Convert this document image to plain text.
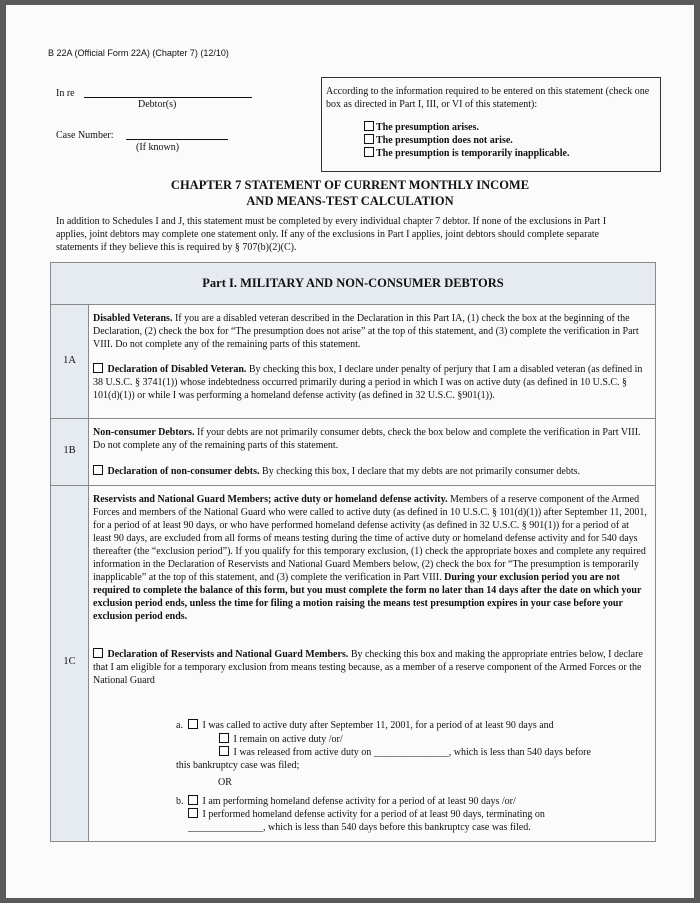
B 22A (Official Form 22A) (Chapter 7) (12/10)
In re
Debtor(s)
Case Number:
(If known)
According to the information required to be entered on this statement (check one box as directed in Part I, III, or VI of this statement):
The presumption arises.
The presumption does not arise.
The presumption is temporarily inapplicable.
CHAPTER 7 STATEMENT OF CURRENT MONTHLY INCOME
AND MEANS-TEST CALCULATION
In addition to Schedules I and J, this statement must be completed by every individual chapter 7 debtor. If none of the exclusions in Part I applies, joint debtors may complete one statement only. If any of the exclusions in Part I applies, joint debtors should complete separate statements if they believe this is required by § 707(b)(2)(C).
Part I. MILITARY AND NON-CONSUMER DEBTORS
1A
1B
1C
Disabled Veterans. If you are a disabled veteran described in the Declaration in this Part IA, (1) check the box at the beginning of the Declaration, (2) check the box for “The presumption does not arise” at the top of this statement, and (3) complete the verification in Part VIII. Do not complete any of the remaining parts of this statement.
Declaration of Disabled Veteran. By checking this box, I declare under penalty of perjury that I am a disabled veteran (as defined in 38 U.S.C. § 3741(1)) whose indebtedness occurred primarily during a period in which I was on active duty (as defined in 10 U.S.C. § 101(d)(1)) or while I was performing a homeland defense activity (as defined in 32 U.S.C. §901(1)).
Non-consumer Debtors. If your debts are not primarily consumer debts, check the box below and complete the verification in Part VIII. Do not complete any of the remaining parts of this statement.
Declaration of non-consumer debts. By checking this box, I declare that my debts are not primarily consumer debts.
Reservists and National Guard Members; active duty or homeland defense activity. Members of a reserve component of the Armed Forces and members of the National Guard who were called to active duty (as defined in 10 U.S.C. § 101(d)(1)) after September 11, 2001, for a period of at least 90 days, or who have performed homeland defense activity (as defined in 32 U.S.C. § 901(1)) for a period of at least 90 days, are excluded from all forms of means testing during the time of active duty or homeland defense activity and for 540 days thereafter (the “exclusion period”). If you qualify for this temporary exclusion, (1) check the appropriate boxes and complete any required information in the Declaration of Reservists and National Guard Members below, (2) check the box for “The presumption is temporarily inapplicable” at the top of this statement, and (3) complete the verification in Part VIII. During your exclusion period you are not required to complete the balance of this form, but you must complete the form no later than 14 days after the date on which your exclusion period ends, unless the time for filing a motion raising the means test presumption expires in your case before your exclusion period ends.
Declaration of Reservists and National Guard Members. By checking this box and making the appropriate entries below, I declare that I am eligible for a temporary exclusion from means testing because, as a member of a reserve component of the Armed Forces or the National Guard
a.	I was called to active duty after September 11, 2001, for a period of at least 90 days and
I remain on active duty /or/
I was released from active duty on _______________, which is less than 540 days before
this bankruptcy case was filed;
OR
b.	I am performing homeland defense activity for a period of at least 90 days /or/
I performed homeland defense activity for a period of at least 90 days, terminating on
_______________, which is less than 540 days before this bankruptcy case was filed.
